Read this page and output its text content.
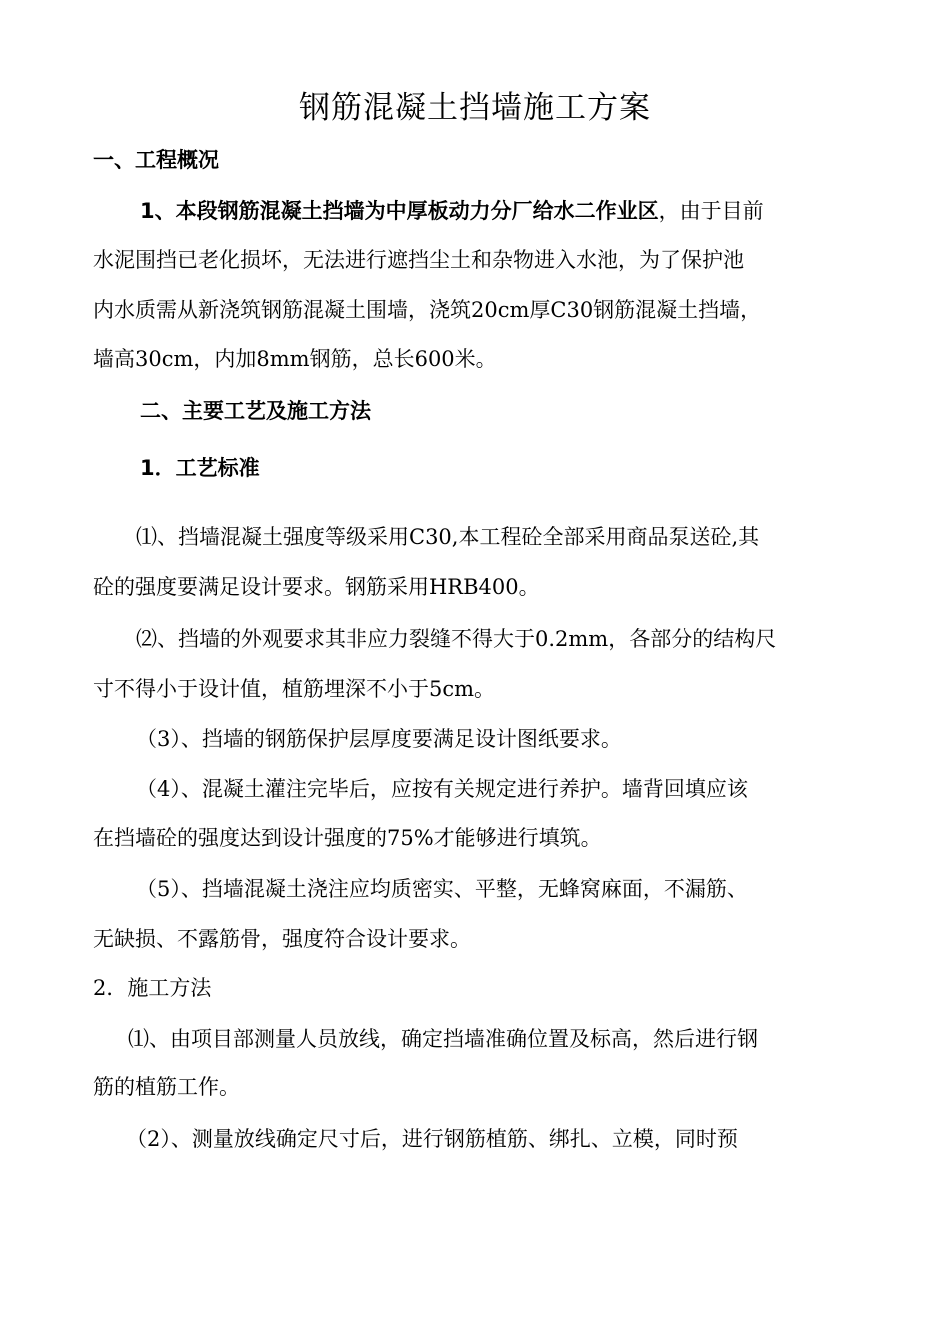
钢筋混凝土挡墙施工方案
一、工程概况
1、本段钢筋混凝土挡墙为中厚板动力分厂给水二作业区，由于目前
水泥围挡已老化损坏，无法进行遮挡尘土和杂物进入水池，为了保护池
内水质需从新浇筑钢筋混凝土围墙，浇筑20cm厚C30钢筋混凝土挡墙，
墙高30cm，内加8mm钢筋，总长600米。
二、主要工艺及施工方法
1．工艺标准
⑴、挡墙混凝土强度等级采用C30,本工程砼全部采用商品泵送砼,其
砼的强度要满足设计要求。钢筋采用HRB400。
⑵、挡墙的外观要求其非应力裂缝不得大于0.2mm，各部分的结构尺
寸不得小于设计值，植筋埋深不小于5cm。
（3）、挡墙的钢筋保护层厚度要满足设计图纸要求。
（4）、混凝土灌注完毕后，应按有关规定进行养护。墙背回填应该
在挡墙砼的强度达到设计强度的75%才能够进行填筑。
（5）、挡墙混凝土浇注应均质密实、平整，无蜂窝麻面，不漏筋、
无缺损、不露筋骨，强度符合设计要求。
2．施工方法
⑴、由项目部测量人员放线，确定挡墙准确位置及标高，然后进行钢
筋的植筋工作。
（2）、测量放线确定尺寸后，进行钢筋植筋、绑扎、立模，同时预
